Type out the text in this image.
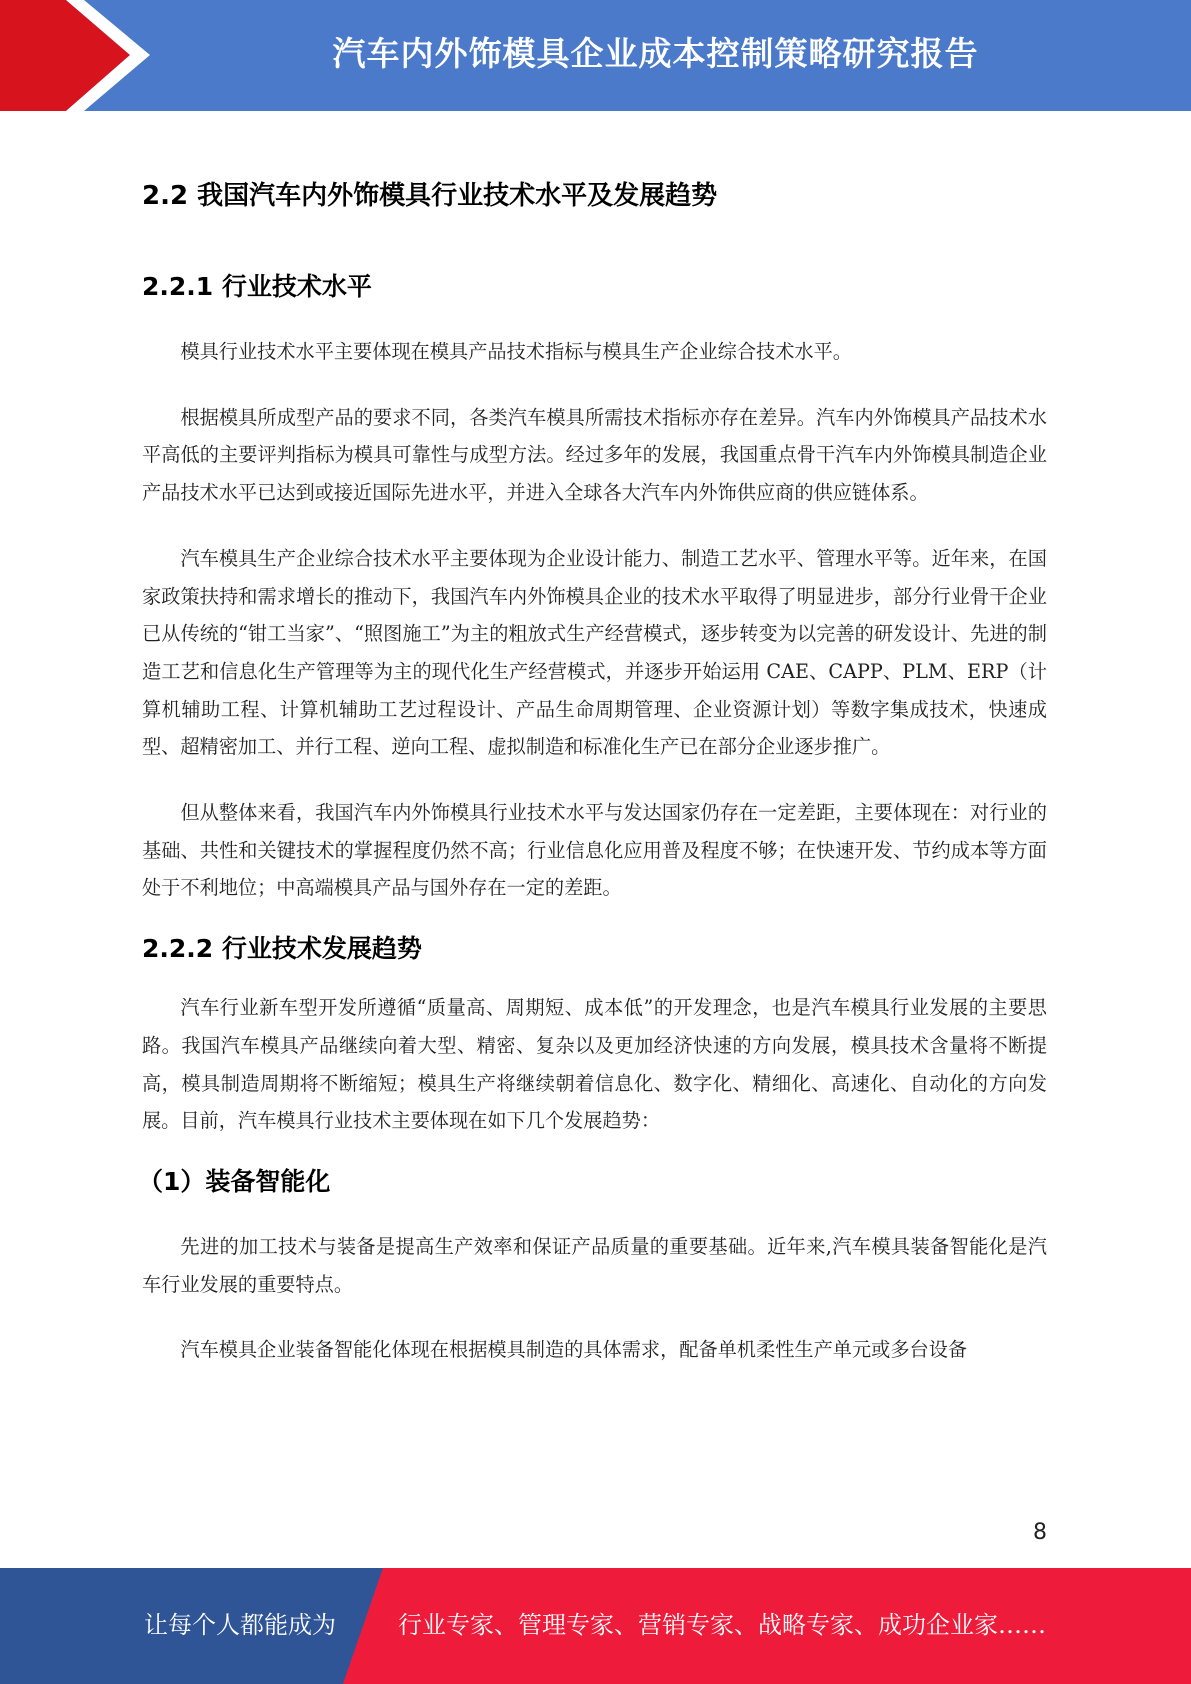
汽车内外饰模具企业成本控制策略研究报告
2.2 我国汽车内外饰模具行业技术水平及发展趋势
2.2.1 行业技术水平

模具行业技术水平主要体现在模具产品技术指标与模具生产企业综合技术水平。

根据模具所成型产品的要求不同，各类汽车模具所需技术指标亦存在差异。汽车内外饰模具产品技术水平高低的主要评判指标为模具可靠性与成型方法。经过多年的发展，我国重点骨干汽车内外饰模具制造企业产品技术水平已达到或接近国际先进水平，并进入全球各大汽车内外饰供应商的供应链体系。

汽车模具生产企业综合技术水平主要体现为企业设计能力、制造工艺水平、管理水平等。近年来，在国家政策扶持和需求增长的推动下，我国汽车内外饰模具企业的技术水平取得了明显进步，部分行业骨干企业已从传统的“钳工当家”、“照图施工”为主的粗放式生产经营模式，逐步转变为以完善的研发设计、先进的制造工艺和信息化生产管理等为主的现代化生产经营模式，并逐步开始运用 CAE、CAPP、PLM、ERP（计算机辅助工程、计算机辅助工艺过程设计、产品生命周期管理、企业资源计划）等数字集成技术，快速成型、超精密加工、并行工程、逆向工程、虚拟制造和标准化生产已在部分企业逐步推广。

但从整体来看，我国汽车内外饰模具行业技术水平与发达国家仍存在一定差距，主要体现在：对行业的基础、共性和关键技术的掌握程度仍然不高；行业信息化应用普及程度不够；在快速开发、节约成本等方面处于不利地位；中高端模具产品与国外存在一定的差距。

2.2.2 行业技术发展趋势

汽车行业新车型开发所遵循“质量高、周期短、成本低”的开发理念，也是汽车模具行业发展的主要思路。我国汽车模具产品继续向着大型、精密、复杂以及更加经济快速的方向发展，模具技术含量将不断提高，模具制造周期将不断缩短；模具生产将继续朝着信息化、数字化、精细化、高速化、自动化的方向发展。目前，汽车模具行业技术主要体现在如下几个发展趋势：

（1）装备智能化

先进的加工技术与装备是提高生产效率和保证产品质量的重要基础。近年来,汽车模具装备智能化是汽车行业发展的重要特点。

汽车模具企业装备智能化体现在根据模具制造的具体需求，配备单机柔性生产单元或多台设备

8
让每个人都能成为	行业专家、管理专家、营销专家、战略专家、成功企业家……
